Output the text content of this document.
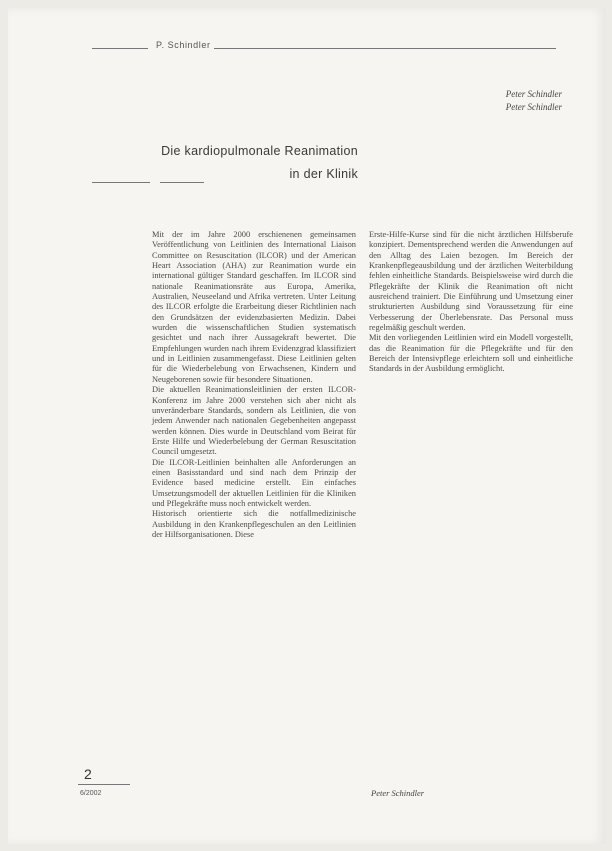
P. Schindler
Peter Schindler
Peter Schindler
Die kardiopulmonale Reanimation
in der Klinik

Mit der im Jahre 2000 erschienenen gemeinsamen Veröffentlichung von Leitlinien des International Liaison Committee on Resuscitation (ILCOR) und der American Heart Association (AHA) zur Reanimation wurde ein international gültiger Standard geschaffen. Im ILCOR sind nationale Reanimationsräte aus Europa, Amerika, Australien, Neuseeland und Afrika vertreten. Unter Leitung des ILCOR erfolgte die Erarbeitung dieser Richtlinien nach den Grundsätzen der evidenzbasierten Medizin. Dabei wurden die wissenschaftlichen Studien systematisch gesichtet und nach ihrer Aussagekraft bewertet. Die Empfehlungen wurden nach ihrem Evidenzgrad klassifiziert und in Leitlinien zusammengefasst. Diese Leitlinien gelten für die Wiederbelebung von Erwachsenen, Kindern und Neugeborenen sowie für besondere Situationen.

Die aktuellen Reanimationsleitlinien der ersten ILCOR-Konferenz im Jahre 2000 verstehen sich aber nicht als unveränderbare Standards, sondern als Leitlinien, die von jedem Anwender nach nationalen Gegebenheiten angepasst werden können. Dies wurde in Deutschland vom Beirat für Erste Hilfe und Wiederbelebung der German Resuscitation Council umgesetzt.

Die ILCOR-Leitlinien beinhalten alle Anforderungen an einen Basisstandard und sind nach dem Prinzip der Evidence based medicine erstellt. Ein einfaches Umsetzungsmodell der aktuellen Leitlinien für die Kliniken und Pflegekräfte muss noch entwickelt werden.

Historisch orientierte sich die notfallmedizinische Ausbildung in den Krankenpflegeschulen an den Leitlinien der Hilfsorganisationen. Diese

Erste-Hilfe-Kurse sind für die nicht ärztlichen Hilfsberufe konzipiert. Dementsprechend werden die Anwendungen auf den Alltag des Laien bezogen. Im Bereich der Krankenpflegeausbildung und der ärztlichen Weiterbildung fehlen einheitliche Standards. Beispielsweise wird durch die Pflegekräfte der Klinik die Reanimation oft nicht ausreichend trainiert. Die Einführung und Umsetzung einer strukturierten Ausbildung sind Voraussetzung für eine Verbesserung der Überlebensrate. Das Personal muss regelmäßig geschult werden.

Mit den vorliegenden Leitlinien wird ein Modell vorgestellt, das die Reanimation für die Pflegekräfte und für den Bereich der Intensivpflege erleichtern soll und einheitliche Standards in der Ausbildung ermöglicht.

2
6/2002	Peter Schindler
